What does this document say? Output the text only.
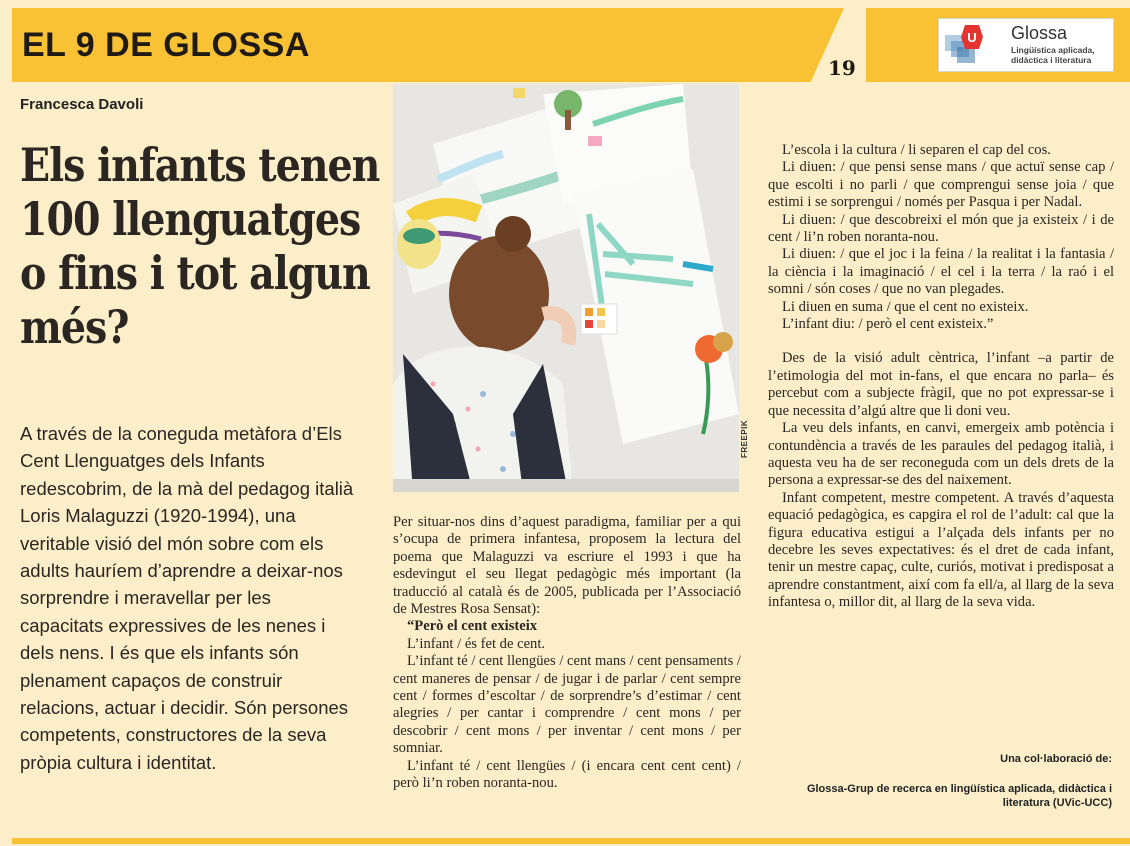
EL 9 DE GLOSSA
19
U Glossa
Lingüística aplicada, didàctica i literatura
Francesca Davoli
Els infants tenen 100 llenguatges o fins i tot algun més?

A través de la coneguda metàfora d’Els Cent Llenguatges dels Infants redescobrim, de la mà del pedagog italià Loris Malaguzzi (1920-1994), una veritable visió del món sobre com els adults hauríem d’aprendre a deixar-nos sorprendre i meravellar per les capacitats expressives de les nenes i dels nens. I és que els infants són plenament capaços de construir relacions, actuar i decidir. Són persones competents, constructores de la seva pròpia cultura i identitat.

FREEPIK

Per situar-nos dins d’aquest paradigma, familiar per a qui s’ocupa de primera infantesa, proposem la lectura del poema que Malaguzzi va escriure el 1993 i que ha esdevingut el seu llegat pedagògic més important (la traducció al català és de 2005, publicada per l’Associació de Mestres Rosa Sensat):

“Però el cent existeix

L’infant / és fet de cent.

L’infant té / cent llengües / cent mans / cent pensaments / cent maneres de pensar / de jugar i de parlar / cent sempre cent / formes d’escoltar / de sorprendre’s d’estimar / cent alegries / per cantar i comprendre / cent mons / per descobrir / cent mons / per inventar / cent mons / per somniar.

L’infant té / cent llengües / (i encara cent cent cent) / però li’n roben noranta-nou.

L’escola i la cultura / li separen el cap del cos.

Li diuen: / que pensi sense mans / que actuï sense cap / que escolti i no parli / que comprengui sense joia / que estimi i se sorprengui / només per Pasqua i per Nadal.

Li diuen: / que descobreixi el món que ja existeix / i de cent / li’n roben noranta-nou.

Li diuen: / que el joc i la feina / la realitat i la fantasia / la ciència i la imaginació / el cel i la terra / la raó i el somni / són coses / que no van plegades.

Li diuen en suma / que el cent no existeix.

L’infant diu: / però el cent existeix.”

Des de la visió adult cèntrica, l’infant –a partir de l’etimologia del mot in-fans, el que encara no parla– és percebut com a subjecte fràgil, que no pot expressar-se i que necessita d’algú altre que li doni veu.

La veu dels infants, en canvi, emergeix amb potència i contundència a través de les paraules del pedagog italià, i aquesta veu ha de ser reconeguda com un dels drets de la persona a expressar-se des del naixement.

Infant competent, mestre competent. A través d’aquesta equació pedagògica, es capgira el rol de l’adult: cal que la figura educativa estigui a l’alçada dels infants per no decebre les seves expectatives: és el dret de cada infant, tenir un mestre capaç, culte, curiós, motivat i predisposat a aprendre constantment, així com fa ell/a, al llarg de la seva infantesa o, millor dit, al llarg de la seva vida.

Una col·laboració de:
Glossa-Grup de recerca en lingüística aplicada, didàctica i literatura (UVic-UCC)
